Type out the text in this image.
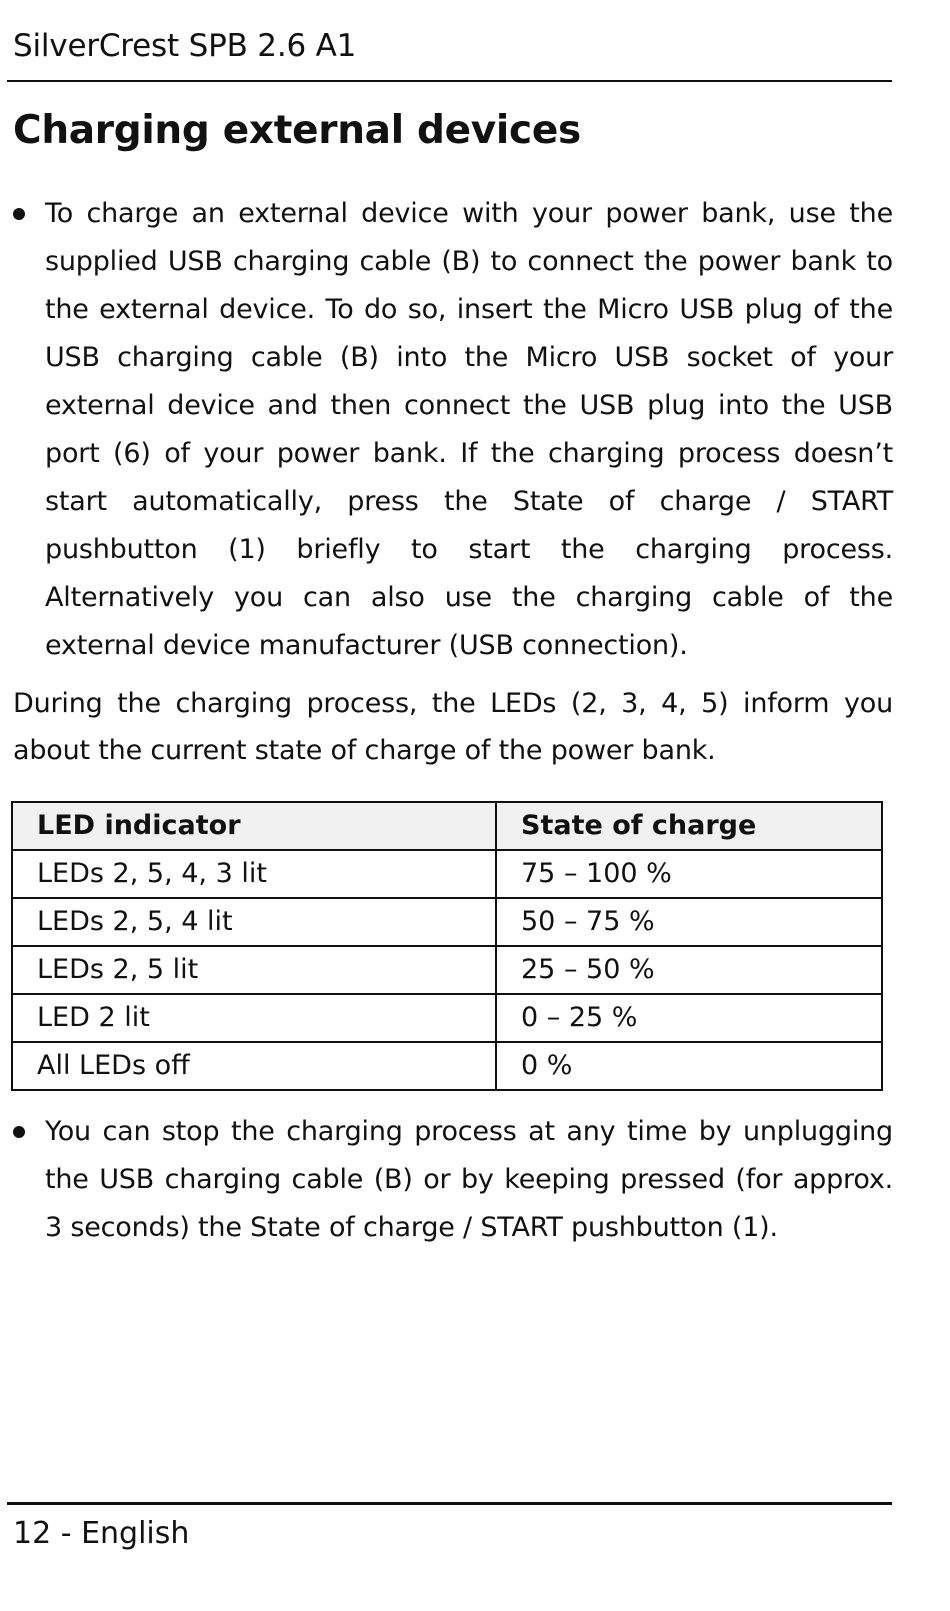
SilverCrest SPB 2.6 A1
Charging external devices
To charge an external device with your power bank, use the supplied USB charging cable (B) to connect the power bank to the external device. To do so, insert the Micro USB plug of the USB charging cable (B) into the Micro USB socket of your external device and then connect the USB plug into the USB port (6) of your power bank. If the charging process doesn’t start automatically, press the State of charge / START pushbutton (1) briefly to start the charging process. Alternatively you can also use the charging cable of the external device manufacturer (USB connection).
During the charging process, the LEDs (2, 3, 4, 5) inform you about the current state of charge of the power bank.
LED indicator	State of charge
LEDs 2, 5, 4, 3 lit	75 – 100 %
LEDs 2, 5, 4 lit	50 – 75 %
LEDs 2, 5 lit	25 – 50 %
LED 2 lit	0 – 25 %
All LEDs off	0 %
You can stop the charging process at any time by unplugging the USB charging cable (B) or by keeping pressed (for approx. 3 seconds) the State of charge / START pushbutton (1).
12 - English
